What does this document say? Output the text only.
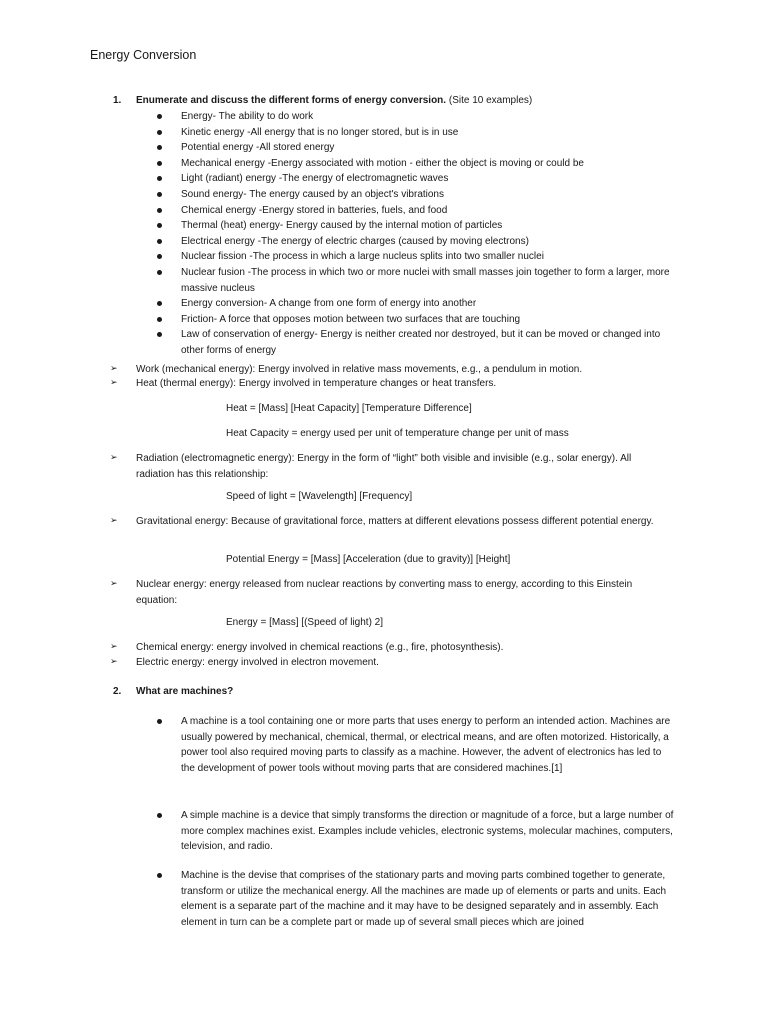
Energy Conversion
1. Enumerate and discuss the different forms of energy conversion. (Site 10 examples)
Energy- The ability to do work
Kinetic energy -All energy that is no longer stored, but is in use
Potential energy -All stored energy
Mechanical energy -Energy associated with motion - either the object is moving or could be
Light (radiant) energy -The energy of electromagnetic waves
Sound energy- The energy caused by an object's vibrations
Chemical energy -Energy stored in batteries, fuels, and food
Thermal (heat) energy- Energy caused by the internal motion of particles
Electrical energy -The energy of electric charges (caused by moving electrons)
Nuclear fission -The process in which a large nucleus splits into two smaller nuclei
Nuclear fusion -The process in which two or more nuclei with small masses join together to form a larger, more massive nucleus
Energy conversion- A change from one form of energy into another
Friction- A force that opposes motion between two surfaces that are touching
Law of conservation of energy- Energy is neither created nor destroyed, but it can be moved or changed into other forms of energy
➢ Work (mechanical energy): Energy involved in relative mass movements, e.g., a pendulum in motion.
➢ Heat (thermal energy): Energy involved in temperature changes or heat transfers.
Heat = [Mass] [Heat Capacity] [Temperature Difference]
Heat Capacity = energy used per unit of temperature change per unit of mass
➢ Radiation (electromagnetic energy): Energy in the form of “light” both visible and invisible (e.g., solar energy). All radiation has this relationship:
Speed of light = [Wavelength] [Frequency]
➢ Gravitational energy: Because of gravitational force, matters at different elevations possess different potential energy.
Potential Energy = [Mass] [Acceleration (due to gravity)] [Height]
➢ Nuclear energy: energy released from nuclear reactions by converting mass to energy, according to this Einstein equation:
Energy = [Mass] [(Speed of light) 2]
➢ Chemical energy: energy involved in chemical reactions (e.g., fire, photosynthesis).
➢ Electric energy: energy involved in electron movement.
2. What are machines?
A machine is a tool containing one or more parts that uses energy to perform an intended action. Machines are usually powered by mechanical, chemical, thermal, or electrical means, and are often motorized. Historically, a power tool also required moving parts to classify as a machine. However, the advent of electronics has led to the development of power tools without moving parts that are considered machines.[1]
A simple machine is a device that simply transforms the direction or magnitude of a force, but a large number of more complex machines exist. Examples include vehicles, electronic systems, molecular machines, computers, television, and radio.
Machine is the devise that comprises of the stationary parts and moving parts combined together to generate, transform or utilize the mechanical energy. All the machines are made up of elements or parts and units. Each element is a separate part of the machine and it may have to be designed separately and in assembly. Each element in turn can be a complete part or made up of several small pieces which are joined
